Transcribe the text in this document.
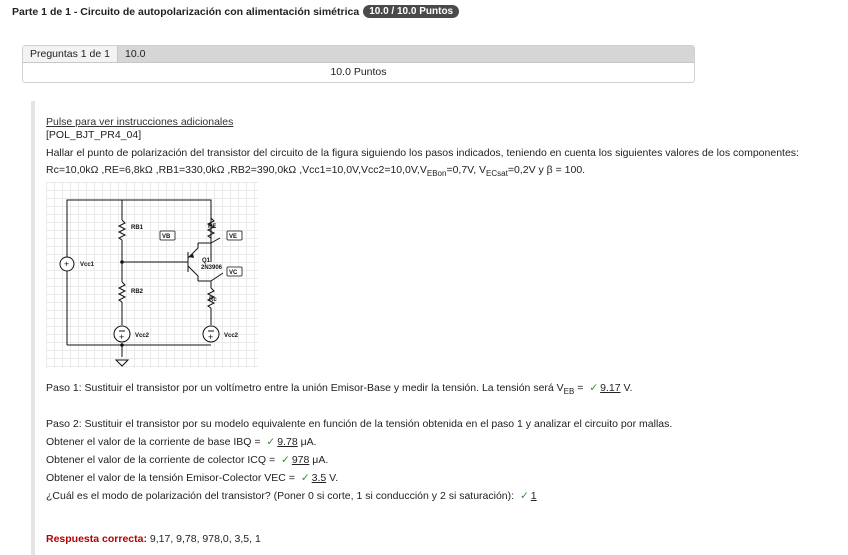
Parte 1 de 1 - Circuito de autopolarización con alimentación simétrica	10.0 / 10.0 Puntos
Preguntas 1 de 1	10.0
10.0 Puntos
Pulse para ver instrucciones adicionales
[POL_BJT_PR4_04]
Hallar el punto de polarización del transistor del circuito de la figura siguiendo los pasos indicados, teniendo en cuenta los siguientes valores de los componentes:
Rc=10,0kΩ ,RE=6,8kΩ ,RB1=330,0kΩ ,RB2=390,0kΩ $,Vcc1=10,0V,Vcc2=10,0V,V_{EBon}=0,7V$, $V_{ECsat}=0,2V$ y β = 100.
+
+	+
RB1
RB2
RE
Rc
VB	VE
VC
Q1
2N3906
Vcc1
Vcc2	Vcc2
Paso 1: Sustituir el transistor por un voltímetro entre la unión Emisor-Base y medir la tensión. La tensión será $V_{EB}$ = ✓ 9.17 V.
Paso 2: Sustituir el transistor por su modelo equivalente en función de la tensión obtenida en el paso 1 y analizar el circuito por mallas.
Obtener el valor de la corriente de base IBQ = ✓ 9.78 μA.
Obtener el valor de la corriente de colector ICQ = ✓ 978 μA.
Obtener el valor de la tensión Emisor-Colector VEC = ✓ 3.5 V.
¿Cuál es el modo de polarización del transistor? (Poner 0 si corte, 1 si conducción y 2 si saturación): ✓ 1
Respuesta correcta: 9,17, 9,78, 978,0, 3,5, 1
